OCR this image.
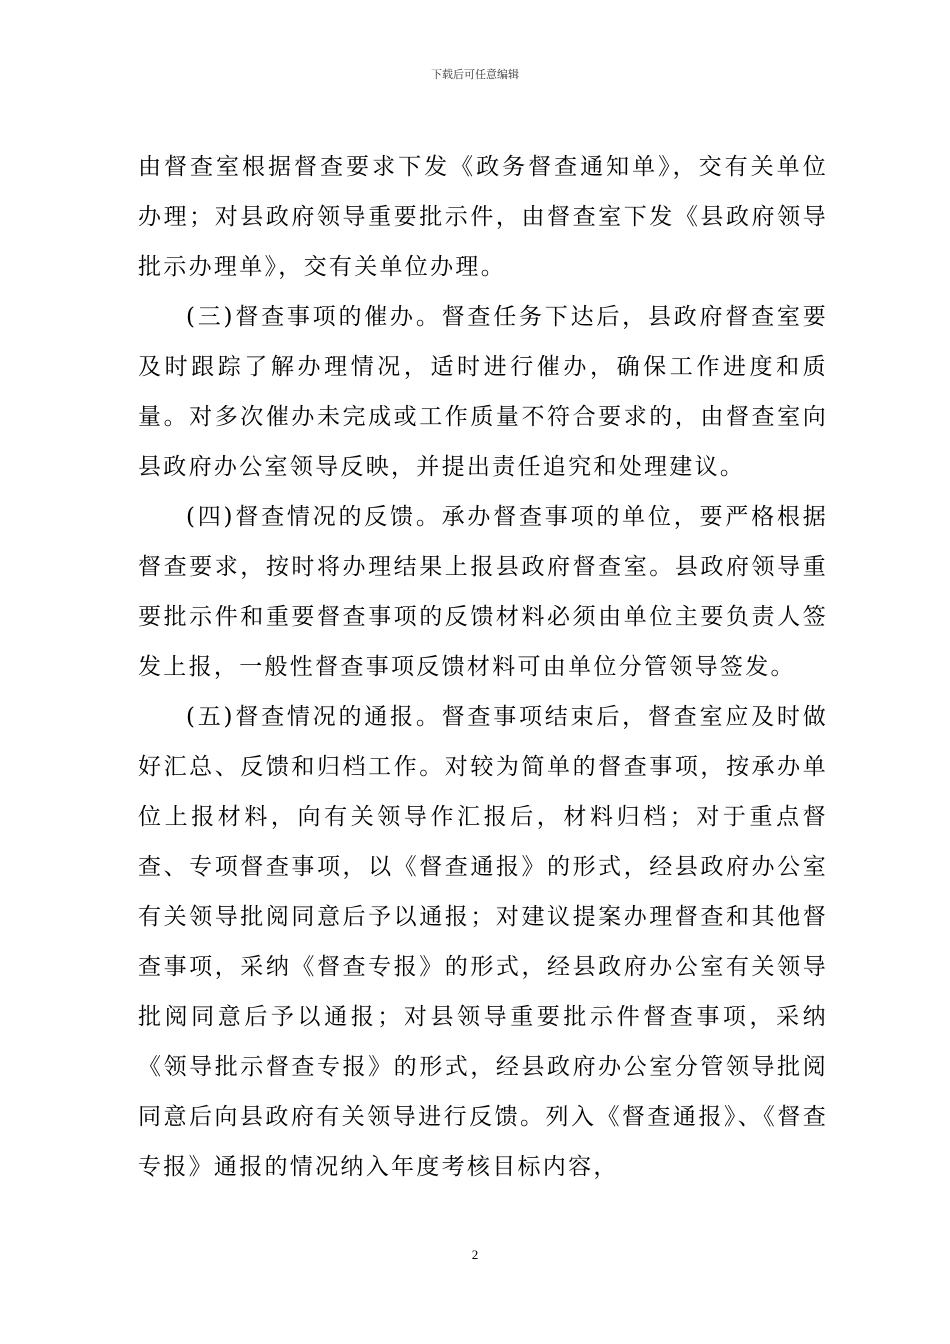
下载后可任意编辑

由督查室根据督查要求下发《政务督查通知单》，交有关单位办理；对县政府领导重要批示件，由督查室下发《县政府领导批示办理单》，交有关单位办理。

(三)督查事项的催办。督查任务下达后，县政府督查室要及时跟踪了解办理情况，适时进行催办，确保工作进度和质量。对多次催办未完成或工作质量不符合要求的，由督查室向县政府办公室领导反映，并提出责任追究和处理建议。

(四)督查情况的反馈。承办督查事项的单位，要严格根据督查要求，按时将办理结果上报县政府督查室。县政府领导重要批示件和重要督查事项的反馈材料必须由单位主要负责人签发上报，一般性督查事项反馈材料可由单位分管领导签发。

(五)督查情况的通报。督查事项结束后，督查室应及时做好汇总、反馈和归档工作。对较为简单的督查事项，按承办单位上报材料，向有关领导作汇报后，材料归档；对于重点督查、专项督查事项，以《督查通报》的形式，经县政府办公室有关领导批阅同意后予以通报；对建议提案办理督查和其他督查事项，采纳《督查专报》的形式，经县政府办公室有关领导批阅同意后予以通报；对县领导重要批示件督查事项，采纳《领导批示督查专报》的形式，经县政府办公室分管领导批阅同意后向县政府有关领导进行反馈。列入《督查通报》、《督查专报》通报的情况纳入年度考核目标内容，

2
